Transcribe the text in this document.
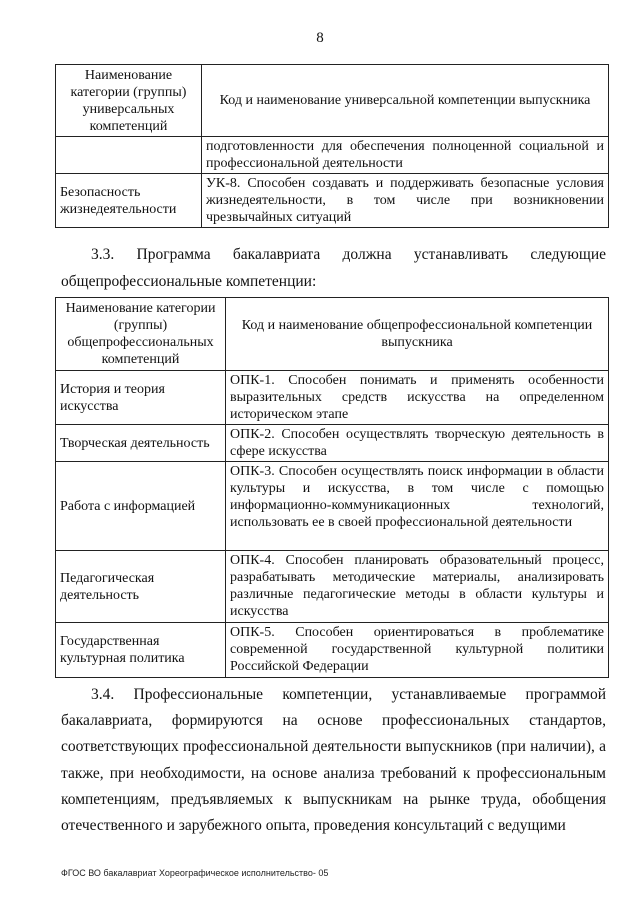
8
Наименование категории (группы) универсальных компетенций	Код и наименование универсальной компетенции выпускника
	подготовленности для обеспечения полноценной социальной и профессиональной деятельности
Безопасность жизнедеятельности	УК-8. Способен создавать и поддерживать безопасные условия жизнедеятельности, в том числе при возникновении чрезвычайных ситуаций

3.3. Программа бакалавриата должна устанавливать следующие общепрофессиональные компетенции:

Наименование категории (группы) общепрофессиональных компетенций	Код и наименование общепрофессиональной компетенции выпускника
История и теория искусства	ОПК-1. Способен понимать и применять особенности выразительных средств искусства на определенном историческом этапе
Творческая деятельность	ОПК-2. Способен осуществлять творческую деятельность в сфере искусства
Работа с информацией	ОПК-3. Способен осуществлять поиск информации в области культуры и искусства, в том числе с помощью информационно-коммуникационных технологий, использовать ее в своей профессиональной деятельности
Педагогическая деятельность	ОПК-4. Способен планировать образовательный процесс, разрабатывать методические материалы, анализировать различные педагогические методы в области культуры и искусства
Государственная культурная политика	ОПК-5. Способен ориентироваться в проблематике современной государственной культурной политики Российской Федерации

3.4. Профессиональные компетенции, устанавливаемые программой бакалавриата, формируются на основе профессиональных стандартов, соответствующих профессиональной деятельности выпускников (при наличии), а также, при необходимости, на основе анализа требований к профессиональным компетенциям, предъявляемых к выпускникам на рынке труда, обобщения отечественного и зарубежного опыта, проведения консультаций с ведущими

ФГОС ВО бакалавриат Хореографическое исполнительство- 05
